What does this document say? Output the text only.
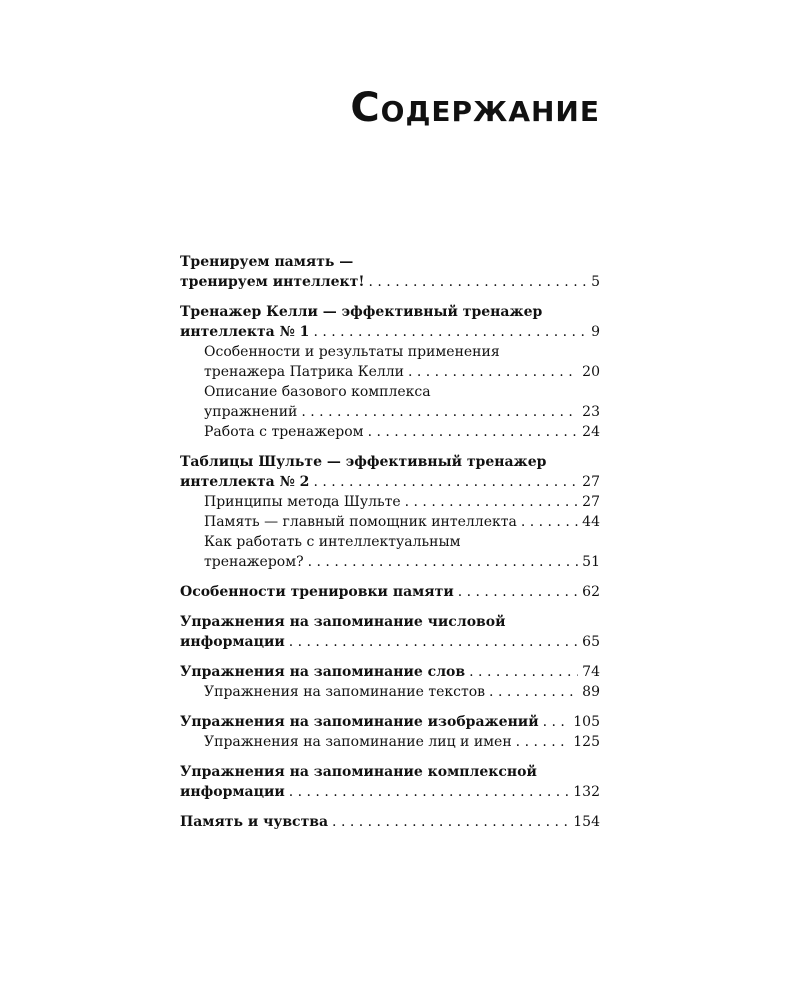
Содержание
Тренируем память —
тренируем интеллект! . . .	5
Тренажер Келли — эффективный тренажер
интеллекта № 1 . . .	9
Особенности и результаты применения
тренажера Патрика Келли . . .	20
Описание базового комплекса
упражнений . . .	23
Работа с тренажером . . .	24
Таблицы Шульте — эффективный тренажер
интеллекта № 2 . . .	27
Принципы метода Шульте . . .	27
Память — главный помощник интеллекта . . .	44
Как работать с интеллектуальным
тренажером? . . .	51
Особенности тренировки памяти . . .	62
Упражнения на запоминание числовой
информации . . .	65
Упражнения на запоминание слов . . .	74
Упражнения на запоминание текстов . . .	89
Упражнения на запоминание изображений . . . 105
Упражнения на запоминание лиц и имен . . .	125
Упражнения на запоминание комплексной
информации . . .	132
Память и чувства . . .	154
